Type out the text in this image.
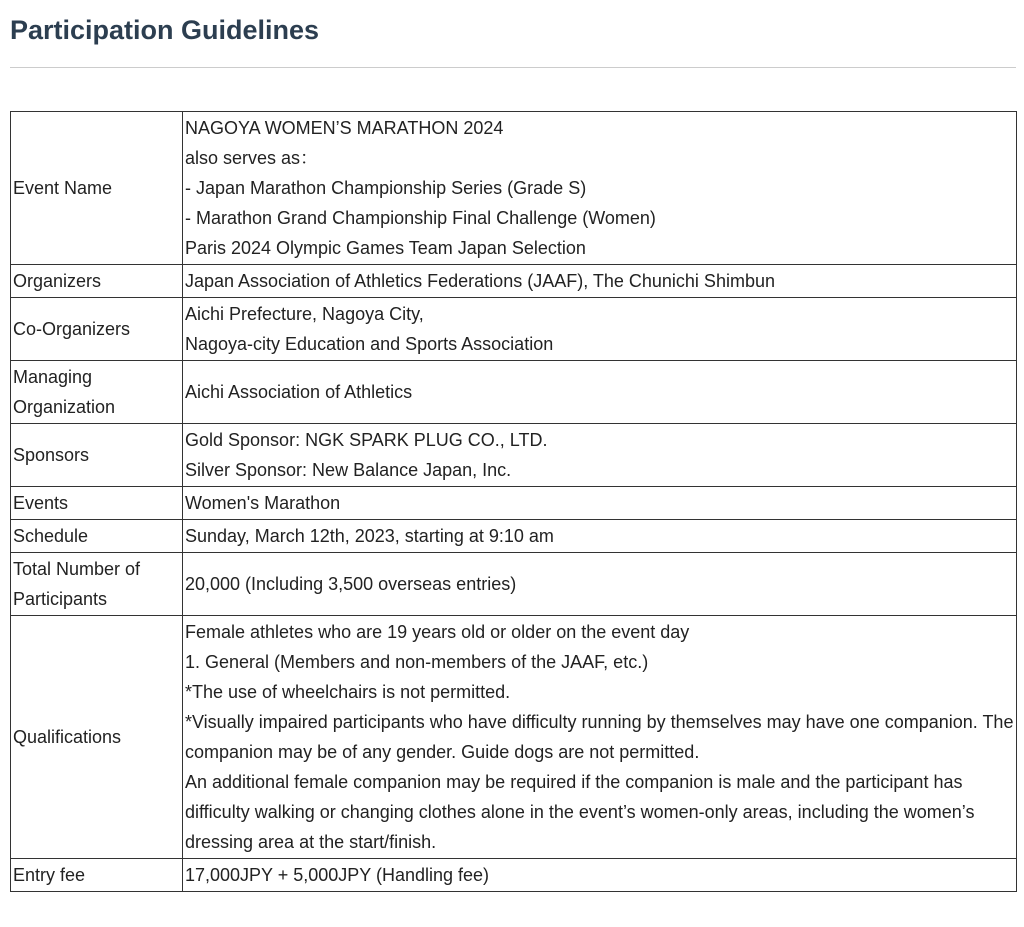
Participation Guidelines
Event Name	NAGOYA WOMEN’S MARATHON 2024
also serves as：
- Japan Marathon Championship Series (Grade S)
- Marathon Grand Championship Final Challenge (Women)
Paris 2024 Olympic Games Team Japan Selection

Organizers	Japan Association of Athletics Federations (JAAF), The Chunichi Shimbun

Co-Organizers	Aichi Prefecture, Nagoya City,
Nagoya-city Education and Sports Association

Managing Organization	Aichi Association of Athletics

Sponsors	Gold Sponsor: NGK SPARK PLUG CO., LTD.
Silver Sponsor: New Balance Japan, Inc.

Events	Women's Marathon

Schedule	Sunday, March 12th, 2023, starting at 9:10 am

Total Number of Participants	20,000 (Including 3,500 overseas entries)

Qualifications	Female athletes who are 19 years old or older on the event day
1. General (Members and non-members of the JAAF, etc.)
*The use of wheelchairs is not permitted.
*Visually impaired participants who have difficulty running by themselves may have one companion. The companion may be of any gender. Guide dogs are not permitted.
An additional female companion may be required if the companion is male and the participant has difficulty walking or changing clothes alone in the event’s women-only areas, including the women’s dressing area at the start/finish.

Entry fee	17,000JPY + 5,000JPY (Handling fee)
